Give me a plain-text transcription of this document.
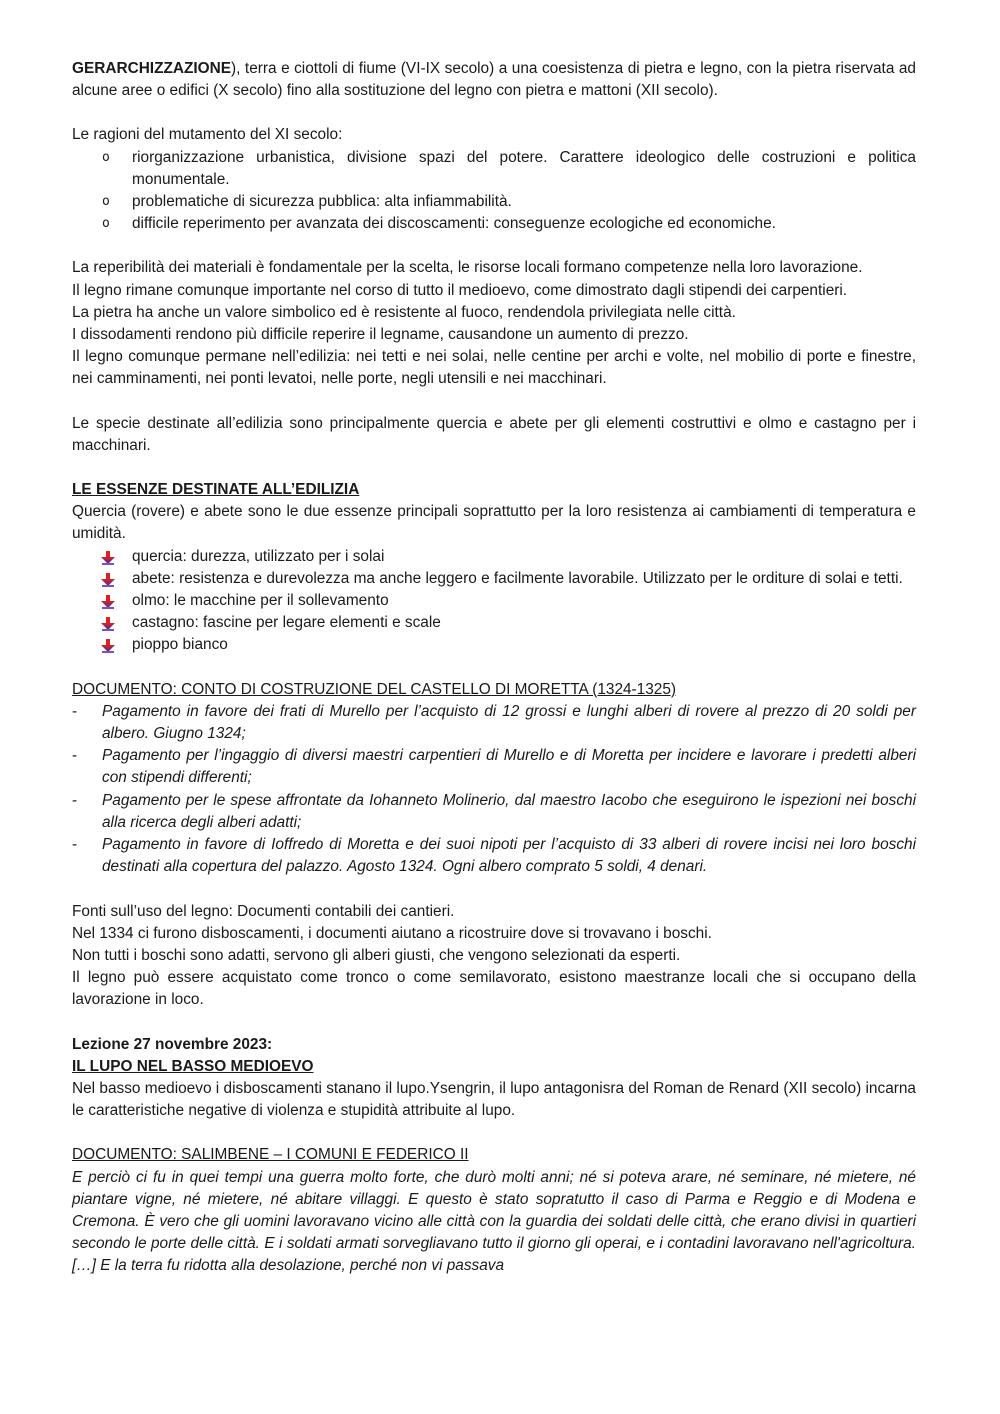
GERARCHIZZAZIONE), terra e ciottoli di fiume (VI-IX secolo) a una coesistenza di pietra e legno, con la pietra riservata ad alcune aree o edifici (X secolo) fino alla sostituzione del legno con pietra e mattoni (XII secolo).

Le ragioni del mutamento del XI secolo:

o riorganizzazione urbanistica, divisione spazi del potere. Carattere ideologico delle costruzioni e politica monumentale.
o problematiche di sicurezza pubblica: alta infiammabilità.
o difficile reperimento per avanzata dei discoscamenti: conseguenze ecologiche ed economiche.

La reperibilità dei materiali è fondamentale per la scelta, le risorse locali formano competenze nella loro lavorazione.

Il legno rimane comunque importante nel corso di tutto il medioevo, come dimostrato dagli stipendi dei carpentieri.

La pietra ha anche un valore simbolico ed è resistente al fuoco, rendendola privilegiata nelle città.

I dissodamenti rendono più difficile reperire il legname, causandone un aumento di prezzo.

Il legno comunque permane nell’edilizia: nei tetti e nei solai, nelle centine per archi e volte, nel mobilio di porte e finestre, nei camminamenti, nei ponti levatoi, nelle porte, negli utensili e nei macchinari.

Le specie destinate all’edilizia sono principalmente quercia e abete per gli elementi costruttivi e olmo e castagno per i macchinari.

LE ESSENZE DESTINATE ALL’EDILIZIA

Quercia (rovere) e abete sono le due essenze principali soprattutto per la loro resistenza ai cambiamenti di temperatura e umidità.

quercia: durezza, utilizzato per i solai
abete: resistenza e durevolezza ma anche leggero e facilmente lavorabile. Utilizzato per le orditure di solai e tetti.
olmo: le macchine per il sollevamento
castagno: fascine per legare elementi e scale
pioppo bianco

DOCUMENTO: CONTO DI COSTRUZIONE DEL CASTELLO DI MORETTA (1324-1325)

- Pagamento in favore dei frati di Murello per l’acquisto di 12 grossi e lunghi alberi di rovere al prezzo di 20 soldi per albero. Giugno 1324;
- Pagamento per l’ingaggio di diversi maestri carpentieri di Murello e di Moretta per incidere e lavorare i predetti alberi con stipendi differenti;
- Pagamento per le spese affrontate da Iohanneto Molinerio, dal maestro Iacobo che eseguirono le ispezioni nei boschi alla ricerca degli alberi adatti;
- Pagamento in favore di Ioffredo di Moretta e dei suoi nipoti per l’acquisto di 33 alberi di rovere incisi nei loro boschi destinati alla copertura del palazzo. Agosto 1324. Ogni albero comprato 5 soldi, 4 denari.

Fonti sull’uso del legno: Documenti contabili dei cantieri.

Nel 1334 ci furono disboscamenti, i documenti aiutano a ricostruire dove si trovavano i boschi.

Non tutti i boschi sono adatti, servono gli alberi giusti, che vengono selezionati da esperti.

Il legno può essere acquistato come tronco o come semilavorato, esistono maestranze locali che si occupano della lavorazione in loco.

Lezione 27 novembre 2023:

IL LUPO NEL BASSO MEDIOEVO

Nel basso medioevo i disboscamenti stanano il lupo.Ysengrin, il lupo antagonisra del Roman de Renard (XII secolo) incarna le caratteristiche negative di violenza e stupidità attribuite al lupo.

DOCUMENTO: SALIMBENE – I COMUNI E FEDERICO II

E perciò ci fu in quei tempi una guerra molto forte, che durò molti anni; né si poteva arare, né seminare, né mietere, né piantare vigne, né mietere, né abitare villaggi. E questo è stato sopratutto il caso di Parma e Reggio e di Modena e Cremona. È vero che gli uomini lavoravano vicino alle città con la guardia dei soldati delle città, che erano divisi in quartieri secondo le porte delle città. E i soldati armati sorvegliavano tutto il giorno gli operai, e i contadini lavoravano nell'agricoltura. […] E la terra fu ridotta alla desolazione, perché non vi passava
